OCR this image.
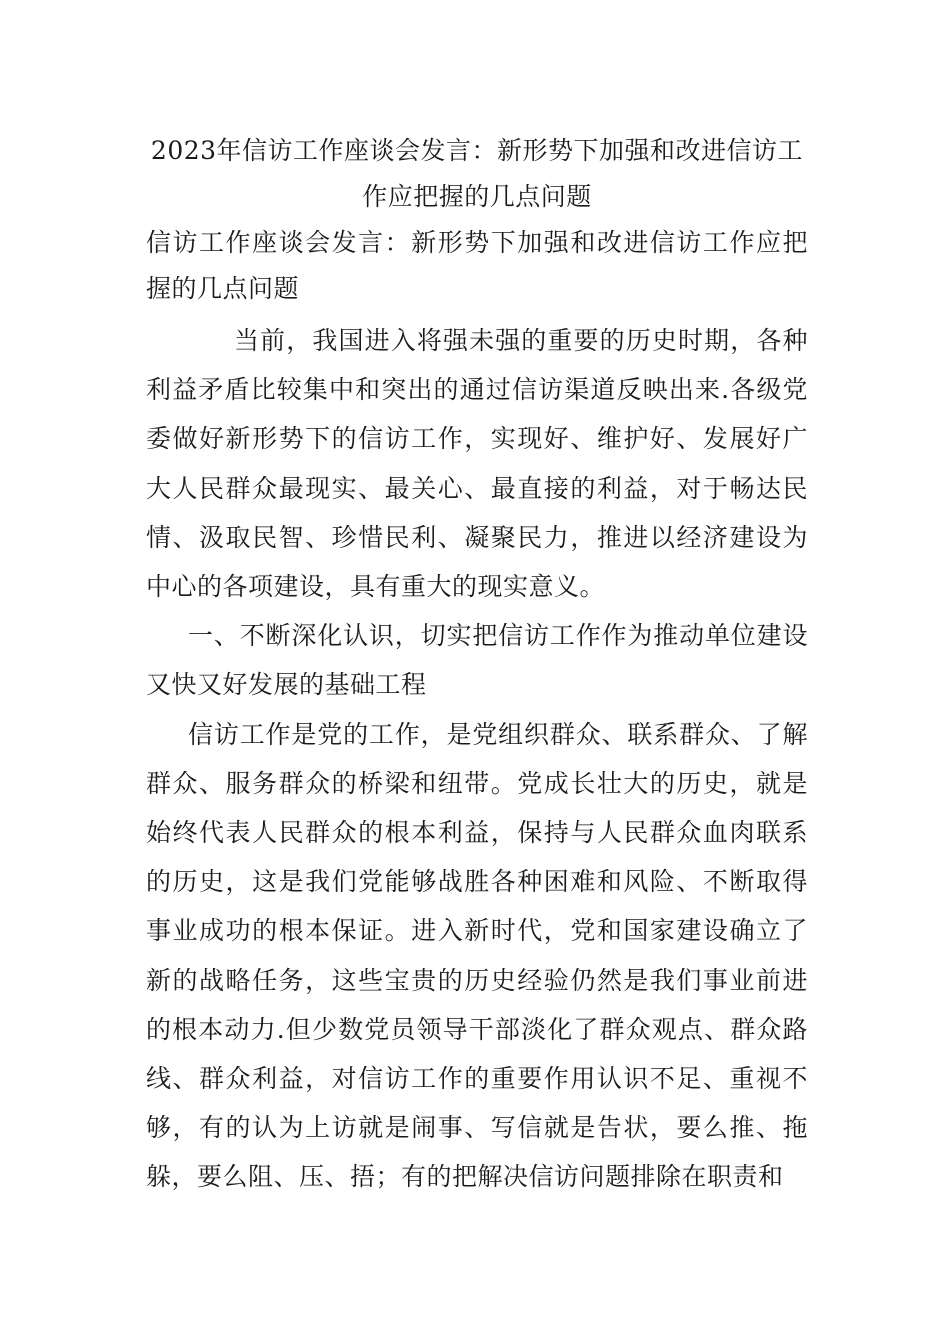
2023年信访工作座谈会发言：新形势下加强和改进信访工作应把握的几点问题

信访工作座谈会发言：新形势下加强和改进信访工作应把握的几点问题

当前，我国进入将强未强的重要的历史时期，各种利益矛盾比较集中和突出的通过信访渠道反映出来.各级党委做好新形势下的信访工作，实现好、维护好、发展好广大人民群众最现实、最关心、最直接的利益，对于畅达民情、汲取民智、珍惜民利、凝聚民力，推进以经济建设为中心的各项建设，具有重大的现实意义。

一、不断深化认识，切实把信访工作作为推动单位建设又快又好发展的基础工程

信访工作是党的工作，是党组织群众、联系群众、了解群众、服务群众的桥梁和纽带。党成长壮大的历史，就是始终代表人民群众的根本利益，保持与人民群众血肉联系的历史，这是我们党能够战胜各种困难和风险、不断取得事业成功的根本保证。进入新时代，党和国家建设确立了新的战略任务，这些宝贵的历史经验仍然是我们事业前进的根本动力.但少数党员领导干部淡化了群众观点、群众路线、群众利益，对信访工作的重要作用认识不足、重视不够，有的认为上访就是闹事、写信就是告状，要么推、拖躲，要么阻、压、捂；有的把解决信访问题排除在职责和
